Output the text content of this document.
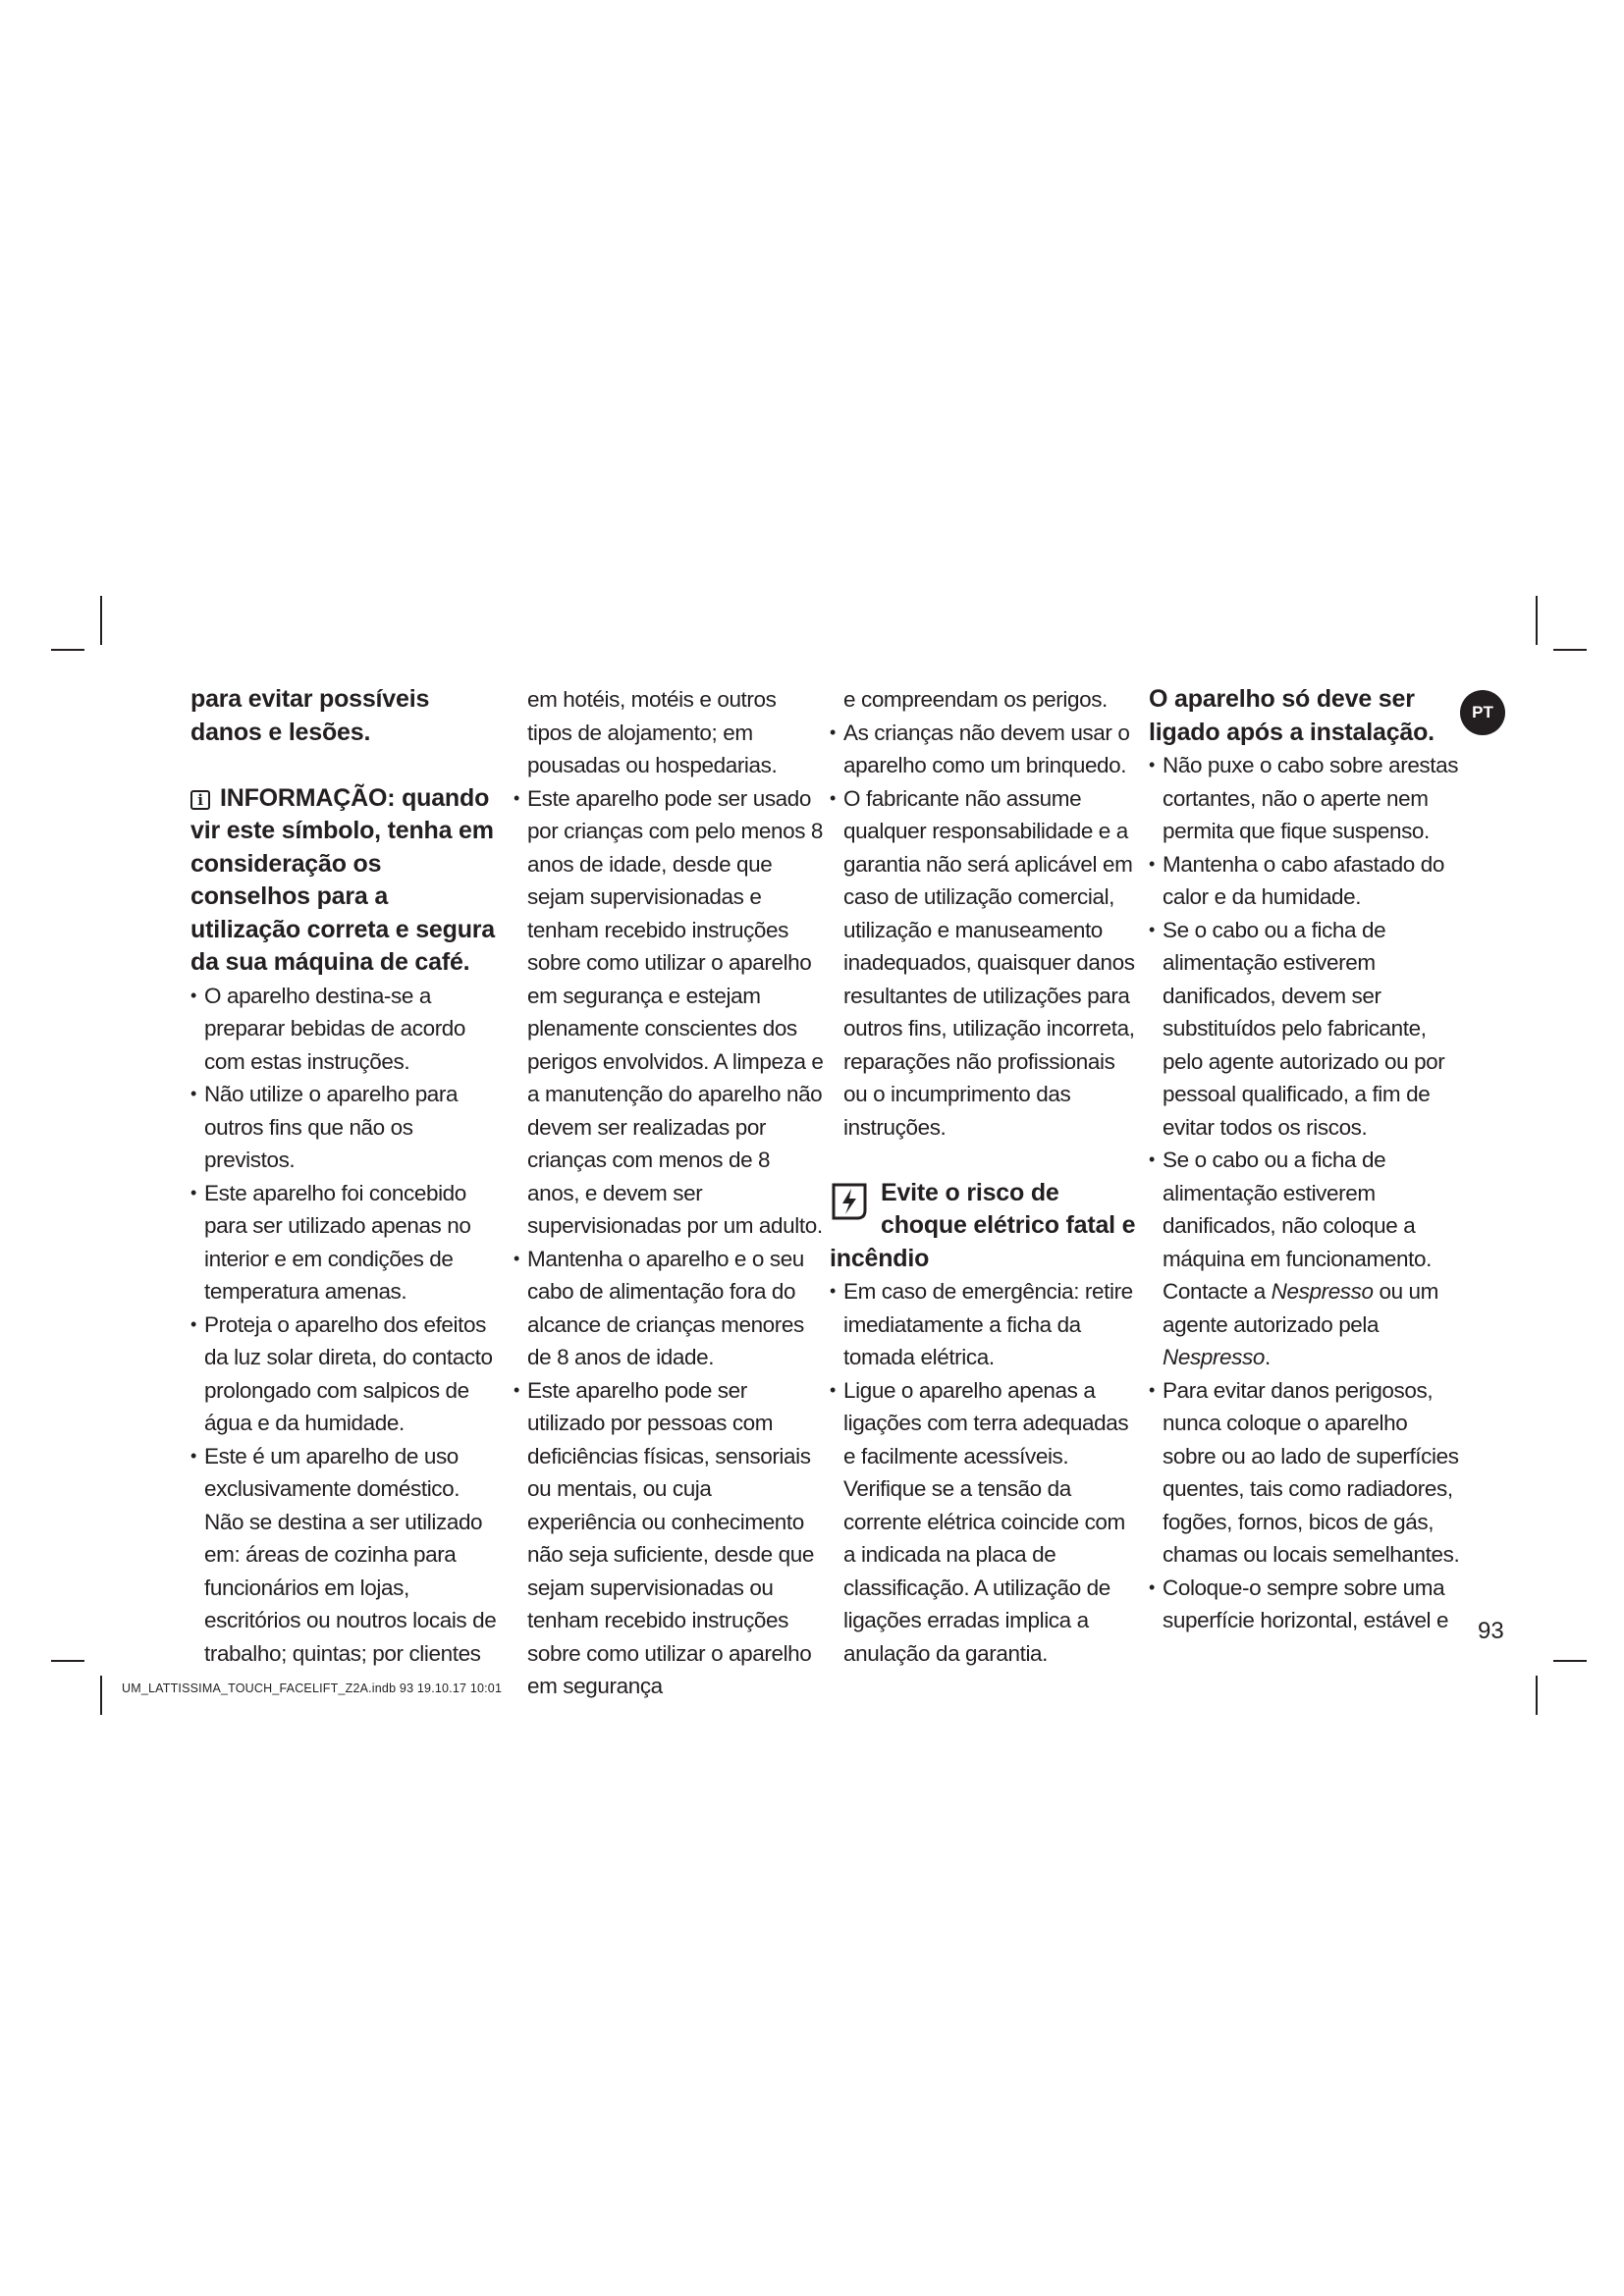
para evitar possíveis danos e lesões.
i INFORMAÇÃO: quando vir este símbolo, tenha em consideração os conselhos para a utilização correta e segura da sua máquina de café.
• O aparelho destina-se a preparar bebidas de acordo com estas instruções.
• Não utilize o aparelho para outros fins que não os previstos.
• Este aparelho foi concebido para ser utilizado apenas no interior e em condições de temperatura amenas.
• Proteja o aparelho dos efeitos da luz solar direta, do contacto prolongado com salpicos de água e da humidade.
• Este é um aparelho de uso exclusivamente doméstico. Não se destina a ser utilizado em: áreas de cozinha para funcionários em lojas, escritórios ou noutros locais de trabalho; quintas; por clientes
em hotéis, motéis e outros tipos de alojamento; em pousadas ou hospedarias.
• Este aparelho pode ser usado por crianças com pelo menos 8 anos de idade, desde que sejam supervisionadas e tenham recebido instruções sobre como utilizar o aparelho em segurança e estejam plenamente conscientes dos perigos envolvidos. A limpeza e a manutenção do aparelho não devem ser realizadas por crianças com menos de 8 anos, e devem ser supervisionadas por um adulto.
• Mantenha o aparelho e o seu cabo de alimentação fora do alcance de crianças menores de 8 anos de idade.
• Este aparelho pode ser utilizado por pessoas com deficiências físicas, sensoriais ou mentais, ou cuja experiência ou conhecimento não seja suficiente, desde que sejam supervisionadas ou tenham recebido instruções sobre como utilizar o aparelho em segurança
e compreendam os perigos.
• As crianças não devem usar o aparelho como um brinquedo.
• O fabricante não assume qualquer responsabilidade e a garantia não será aplicável em caso de utilização comercial, utilização e manuseamento inadequados, quaisquer danos resultantes de utilizações para outros fins, utilização incorreta, reparações não profissionais ou o incumprimento das instruções.
Evite o risco de choque elétrico fatal e
incêndio
• Em caso de emergência: retire imediatamente a ficha da tomada elétrica.
• Ligue o aparelho apenas a ligações com terra adequadas e facilmente acessíveis. Verifique se a tensão da corrente elétrica coincide com a indicada na placa de classificação. A utilização de ligações erradas implica a anulação da garantia.
O aparelho só deve ser ligado após a instalação.
• Não puxe o cabo sobre arestas cortantes, não o aperte nem permita que fique suspenso.
• Mantenha o cabo afastado do calor e da humidade.
• Se o cabo ou a ficha de alimentação estiverem danificados, devem ser substituídos pelo fabricante, pelo agente autorizado ou por pessoal qualificado, a fim de evitar todos os riscos.
• Se o cabo ou a ficha de alimentação estiverem danificados, não coloque a máquina em funcionamento. Contacte a Nespresso ou um agente autorizado pela Nespresso.
• Para evitar danos perigosos, nunca coloque o aparelho sobre ou ao lado de superfícies quentes, tais como radiadores, fogões, fornos, bicos de gás, chamas ou locais semelhantes.
• Coloque-o sempre sobre uma superfície horizontal, estável e
PT
93
UM_LATTISSIMA_TOUCH_FACELIFT_Z2A.indb 93 19.10.17 10:01
